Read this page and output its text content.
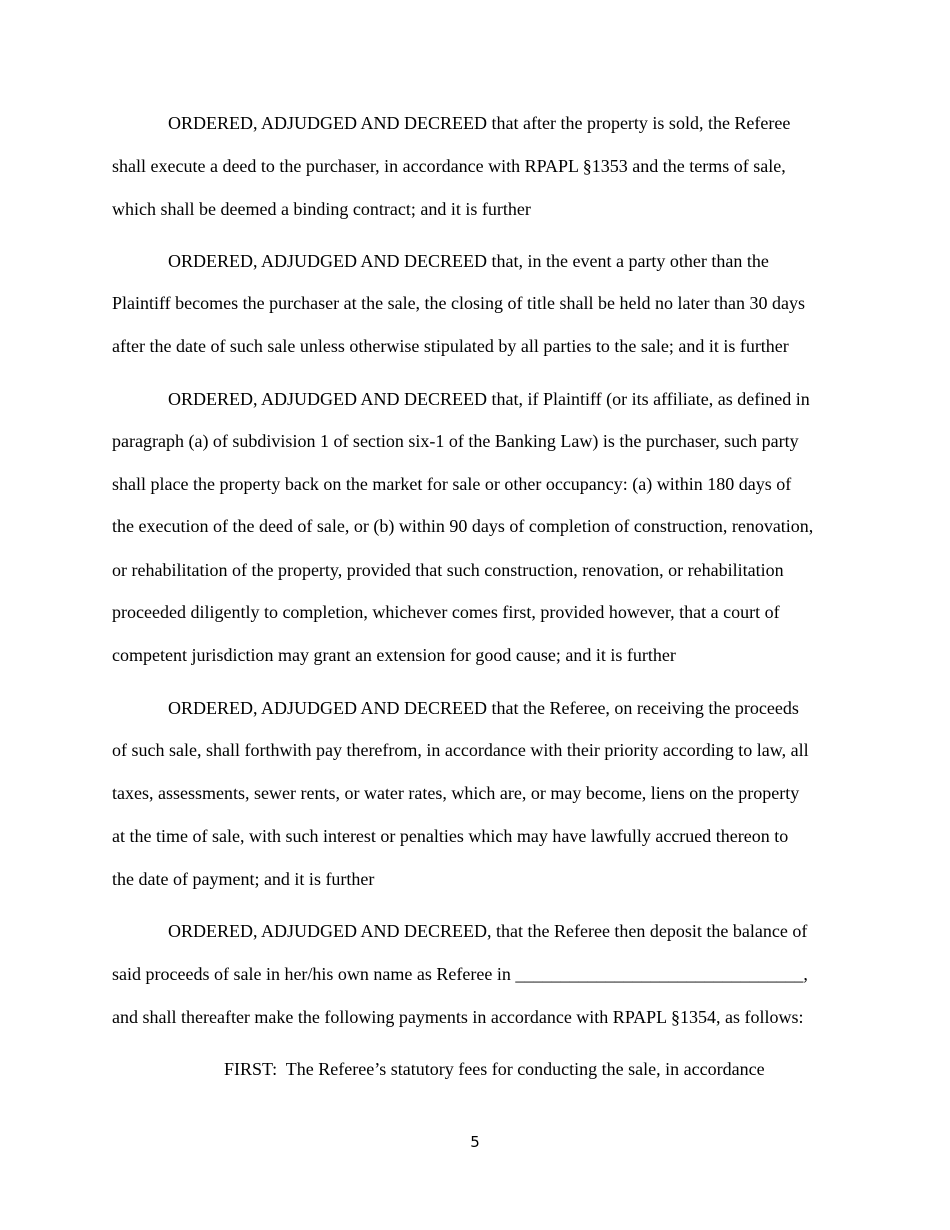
ORDERED, ADJUDGED AND DECREED that after the property is sold, the Referee

shall execute a deed to the purchaser, in accordance with RPAPL §1353 and the terms of sale,

which shall be deemed a binding contract; and it is further

ORDERED, ADJUDGED AND DECREED that, in the event a party other than the

Plaintiff becomes the purchaser at the sale, the closing of title shall be held no later than 30 days

after the date of such sale unless otherwise stipulated by all parties to the sale; and it is further

ORDERED, ADJUDGED AND DECREED that, if Plaintiff (or its affiliate, as defined in

paragraph (a) of subdivision 1 of section six-1 of the Banking Law) is the purchaser, such party

shall place the property back on the market for sale or other occupancy: (a) within 180 days of

the execution of the deed of sale, or (b) within 90 days of completion of construction, renovation,

or rehabilitation of the property, provided that such construction, renovation, or rehabilitation

proceeded diligently to completion, whichever comes first, provided however, that a court of

competent jurisdiction may grant an extension for good cause; and it is further

ORDERED, ADJUDGED AND DECREED that the Referee, on receiving the proceeds

of such sale, shall forthwith pay therefrom, in accordance with their priority according to law, all

taxes, assessments, sewer rents, or water rates, which are, or may become, liens on the property

at the time of sale, with such interest or penalties which may have lawfully accrued thereon to

the date of payment; and it is further

ORDERED, ADJUDGED AND DECREED, that the Referee then deposit the balance of

said proceeds of sale in her/his own name as Referee in ________________________________,

and shall thereafter make the following payments in accordance with RPAPL §1354, as follows:

FIRST:  The Referee’s statutory fees for conducting the sale, in accordance

5
